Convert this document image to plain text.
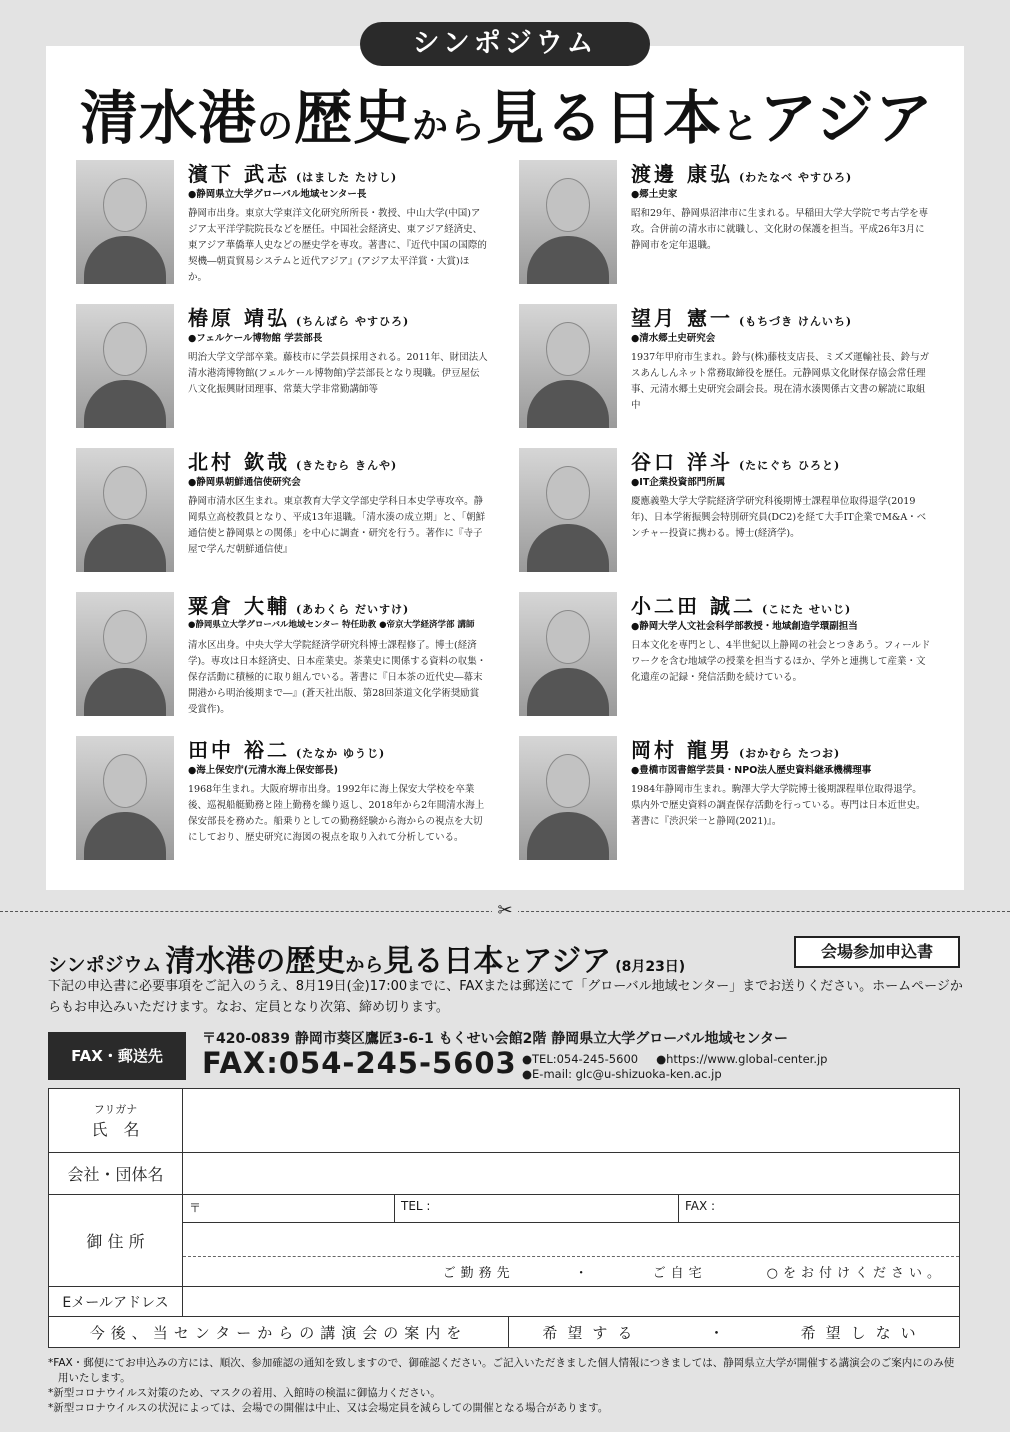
シンポジウム
清水港の歴史から見る日本とアジア
濱下 武志 (はました たけし)
●静岡県立大学グローバル地域センター長
静岡市出身。東京大学東洋文化研究所所長・教授、中山大学(中国)アジア太平洋学院院長などを歴任。中国社会経済史、東アジア経済史、東アジア華僑華人史などの歴史学を専攻。著書に、『近代中国の国際的契機―朝貢貿易システムと近代アジア』(アジア太平洋賞・大賞)ほか。
渡邊 康弘 (わたなべ やすひろ)
●郷土史家
昭和29年、静岡県沼津市に生まれる。早稲田大学大学院で考古学を専攻。合併前の清水市に就職し、文化財の保護を担当。平成26年3月に静岡市を定年退職。
椿原 靖弘 (ちんばら やすひろ)
●フェルケール博物館 学芸部長
明治大学文学部卒業。藤枝市に学芸員採用される。2011年、財団法人清水港湾博物館(フェルケール博物館)学芸部長となり現職。伊豆屋伝八文化振興財団理事、常葉大学非常勤講師等
望月 憲一 (もちづき けんいち)
●清水郷土史研究会
1937年甲府市生まれ。鈴与(株)藤枝支店長、ミズズ運輸社長、鈴与ガスあんしんネット常務取締役を歴任。元静岡県文化財保存協会常任理事、元清水郷土史研究会副会長。現在清水湊関係古文書の解読に取組中
北村 欽哉 (きたむら きんや)
●静岡県朝鮮通信使研究会
静岡市清水区生まれ。東京教育大学文学部史学科日本史学専攻卒。静岡県立高校教員となり、平成13年退職。「清水湊の成立期」と、「朝鮮通信使と静岡県との関係」を中心に調査・研究を行う。著作に『寺子屋で学んだ朝鮮通信使』
谷口 洋斗 (たにぐち ひろと)
●IT企業投資部門所属
慶應義塾大学大学院経済学研究科後期博士課程単位取得退学(2019年)、日本学術振興会特別研究員(DC2)を経て大手IT企業でM&A・ベンチャー投資に携わる。博士(経済学)。
粟倉 大輔 (あわくら だいすけ)
●静岡県立大学グローバル地域センター 特任助教 ●帝京大学経済学部 講師
清水区出身。中央大学大学院経済学研究科博士課程修了。博士(経済学)。専攻は日本経済史、日本産業史。茶業史に関係する資料の収集・保存活動に積極的に取り組んでいる。著書に『日本茶の近代史―幕末開港から明治後期まで―』(蒼天社出版、第28回茶道文化学術奨励賞受賞作)。
小二田 誠二 (こにた せいじ)
●静岡大学人文社会科学部教授・地域創造学環副担当
日本文化を専門とし、4半世紀以上静岡の社会とつきあう。フィールドワークを含む地域学の授業を担当するほか、学外と連携して産業・文化遺産の記録・発信活動を続けている。
田中 裕二 (たなか ゆうじ)
●海上保安庁(元清水海上保安部長)
1968年生まれ。大阪府堺市出身。1992年に海上保安大学校を卒業後、巡視船艇勤務と陸上勤務を繰り返し、2018年から2年間清水海上保安部長を務めた。船乗りとしての勤務経験から海からの視点を大切にしており、歴史研究に海図の視点を取り入れて分析している。
岡村 龍男 (おかむら たつお)
●豊橋市図書館学芸員・NPO法人歴史資料継承機構理事
1984年静岡市生まれ。駒澤大学大学院博士後期課程単位取得退学。県内外で歴史資料の調査保存活動を行っている。専門は日本近世史。著書に『渋沢栄一と静岡(2021)』。
✂
シンポジウム 清水港の歴史から見る日本とアジア (8月23日)
会場参加申込書
下記の申込書に必要事項をご記入のうえ、8月19日(金)17:00までに、FAXまたは郵送にて「グローバル地域センター」までお送りください。ホームページからもお申込みいただけます。なお、定員となり次第、締め切ります。
FAX・郵送先
〒420-0839 静岡市葵区鷹匠3-6-1 もくせい会館2階 静岡県立大学グローバル地域センター
FAX:054-245-5603 ●TEL:054-245-5600 ●https://www.global-center.jp
●E-mail: glc@u-shizuoka-ken.ac.jp
フリガナ
氏　名
会社・団体名
御 住 所
〒	TEL :	FAX :
ご勤務先	・	ご自宅	○をお付けください。
Eメールアドレス
今後、当センターからの講演会の案内を	希望する	・	希望しない
*FAX・郵便にてお申込みの方には、順次、参加確認の通知を致しますので、御確認ください。ご記入いただきました個人情報につきましては、静岡県立大学が開催する講演会のご案内にのみ使用いたします。
*新型コロナウイルス対策のため、マスクの着用、入館時の検温に御協力ください。
*新型コロナウイルスの状況によっては、会場での開催は中止、又は会場定員を減らしての開催となる場合があります。
